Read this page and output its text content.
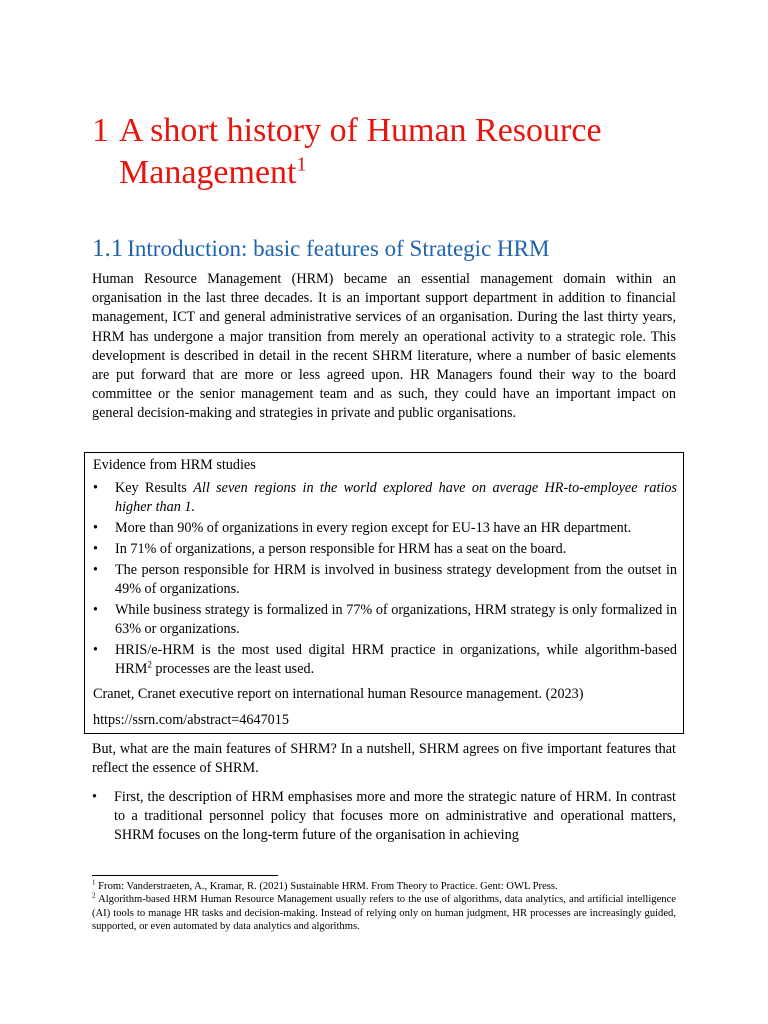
1 A short history of Human Resource
Management$^1$
1.1 Introduction: basic features of Strategic HRM

Human Resource Management (HRM) became an essential management domain within an organisation in the last three decades. It is an important support department in addition to financial management, ICT and general administrative services of an organisation. During the last thirty years, HRM has undergone a major transition from merely an operational activity to a strategic role. This development is described in detail in the recent SHRM literature, where a number of basic elements are put forward that are more or less agreed upon. HR Managers found their way to the board committee or the senior management team and as such, they could have an important impact on general decision-making and strategies in private and public organisations.

Evidence from HRM studies
• Key Results All seven regions in the world explored have on average HR-to-employee ratios higher than 1.
• More than 90% of organizations in every region except for EU-13 have an HR department.
• In 71% of organizations, a person responsible for HRM has a seat on the board.
• The person responsible for HRM is involved in business strategy development from the outset in 49% of organizations.
• While business strategy is formalized in 77% of organizations, HRM strategy is only formalized in 63% or organizations.
• HRIS/e-HRM is the most used digital HRM practice in organizations, while algorithm-based HRM$^2$ processes are the least used.
Cranet, Cranet executive report on international human Resource management. (2023)
https://ssrn.com/abstract=4647015

But, what are the main features of SHRM? In a nutshell, SHRM agrees on five important features that reflect the essence of SHRM.

• First, the description of HRM emphasises more and more the strategic nature of HRM. In contrast to a traditional personnel policy that focuses more on administrative and operational matters, SHRM focuses on the long-term future of the organisation in achieving

$^1$ From: Vanderstraeten, A., Kramar, R. (2021) Sustainable HRM. From Theory to Practice. Gent: OWL Press.

$^2$ Algorithm-based HRM Human Resource Management usually refers to the use of algorithms, data analytics, and artificial intelligence (AI) tools to manage HR tasks and decision-making. Instead of relying only on human judgment, HR processes are increasingly guided, supported, or even automated by data analytics and algorithms.
